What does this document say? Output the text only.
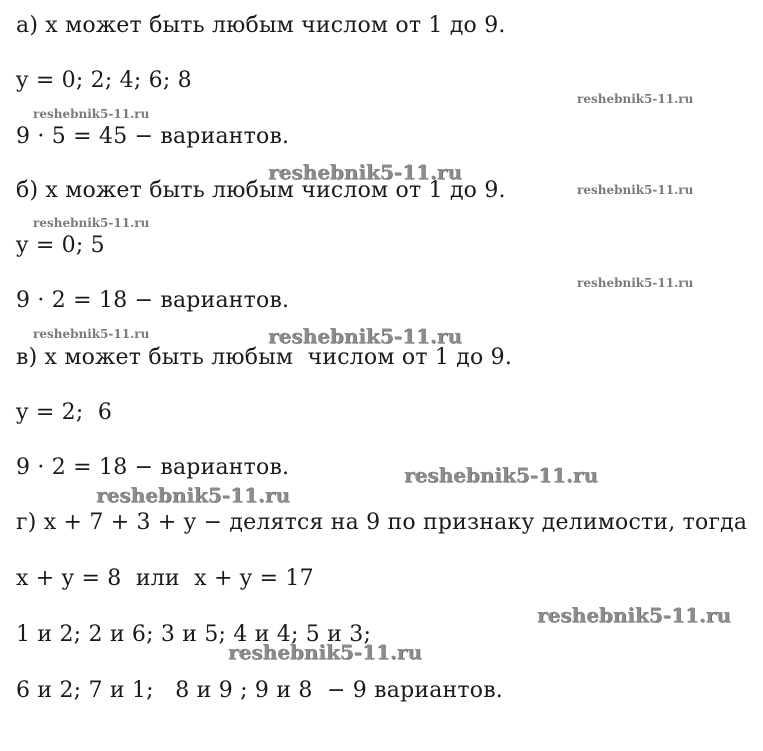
а) x может быть любым числом от 1 до 9.
y = 0; 2; 4; 6; 8
9 · 5 = 45 − вариантов.
б) x может быть любым числом от 1 до 9.
y = 0; 5
9 · 2 = 18 − вариантов.
в) x может быть любым  числом от 1 до 9.
y = 2;  6
9 · 2 = 18 − вариантов.
г) x + 7 + 3 + y − делятся на 9 по признаку делимости, тогда
x + y = 8  или  x + y = 17
1 и 2; 2 и 6; 3 и 5; 4 и 4; 5 и 3;
6 и 2; 7 и 1;   8 и 9 ; 9 и 8  − 9 вариантов.
reshebnik5-11.ru
reshebnik5-11.ru
reshebnik5-11.ru
reshebnik5-11.ru
reshebnik5-11.ru
reshebnik5-11.ru
reshebnik5-11.ru	reshebnik5-11.ru
reshebnik5-11.ru
reshebnik5-11.ru
reshebnik5-11.ru
reshebnik5-11.ru
